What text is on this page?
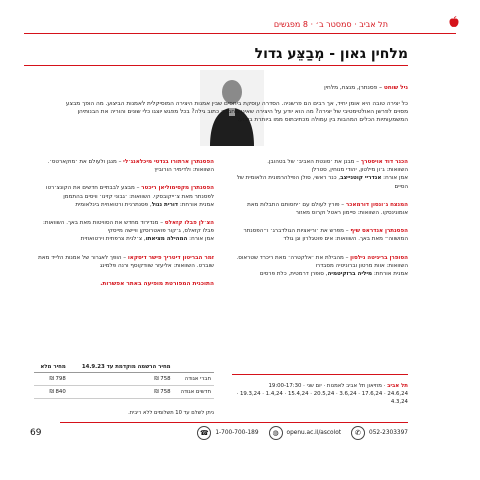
תל אביב · סמסטר ב׳ · 8 מפגשים
מלחין גאון - מְבַצֵּע גדול
ניל שוחט – פסנתרן, מנצח, מלחין
כל יצירה טובה היא אומן יחיד, אך רבים הם פרשניה. הסדרה עוסקת ביחסים שבין אמנות היצירה המוסיקלית לאמנות הביצוע. מה הופך מבצע מסוים לפרשן האולטימטיבי של יצירה? מה הוא יודע על היצירה שאינו מחברה כתוב גילה? בכל מפגש יוצגו כלי שונים והוריה את הבנותיהן המשמעותיות הכלים המהבות בין עמולה מכתיבתוס ממו ביותרת ביצוע.
הכנר דוד אויסטרך – מבנן את ׳סונטת האביב׳ של בטהובן.
השוואות: ג׳ון מילטון, יהודי מנוחין, סטרלן
אמן אורח: אנדריי קוטנייצב, כנר ראשי, סולן הפילהרמונית הלאומית של הסיים
המנצח ג׳ונסון דורמאכר – פורץ לעולם עם ׳יחסותם התבלות מאת אומונינסקו. השוואות: סיימון ראטל וקרוס מאזור
הפסנתרן אנדראס שיף – מפרש את ׳וריאציות הגולדברג׳ ו״הפסנתר המושווה״ מאת באך. השוואות: אים פוטגלרון וגן גולד
הסופרן בריגיטה נילסון – מהבילת את ׳אלקטרה׳ מאת ריכרד שטראוס. השוואות: אוות מרטון וברוניטיה מסבדרו
אמנית אורחת: מיליה ברזקיטמיה, סופרן דרמטית, כלת פרסים
הפסנתרן ארתורו בנדטי מיכלאנג׳לי – מנגן ולעולם את ׳מוקארטס׳. השוואות: ולדימיר הורוביץ
הפסנתרן מקסימוליאן ריכטר – מבצע לבבתיים חדשים את הקונצ׳רטו לפסנתר מאת צ׳ייקובסקי. השוואות: ׳גבוני קזינו׳ וויסים בהתממן
אמנית אורחת: דורית ננול, פסנתרנית ורטואוזית בינלאומית
הצ׳לן פבלו קזאלס – מנדירוד מחדש את הסוויטות מאת באך. השוואות: פבלו קזאלס, ג׳קור פואטרוסקן וויישה מייסקי
אמן אורח: המהילה מציאתו, צ׳לנית צרפתית וירטואוזית
זמר הבריטון דיטריך פישר דיסקאו – הופך לאגרור של אמנות הלייד מאת שוברט. השוואות: אליעזר שוודקוסף ורנה פלמינג
התוכנית המפורטת מופיעה באתר אפשרות.
תל אביב · מוזיאון תל אביב לאמנות · יום שני · 19:00-17:30
24.6,24 · 17.6,24 · 3.6,24 · 20.5,24 · 15.4,24 · 1.4,24 · 19.3,24 · 4.3,24
	מחיר הרשמה מוקדמת עד 14.9.23	מחיר מלא
חברי אגודה	758 ₪	798 ₪
חדשים אגודה	758 ₪	840 ₪
ניתן לשלם עד 10 תשלומים ללא ריבית.
69	☎	1-700-700-189	◍	openu.ac.il/ascolot	✆	052-2303397
